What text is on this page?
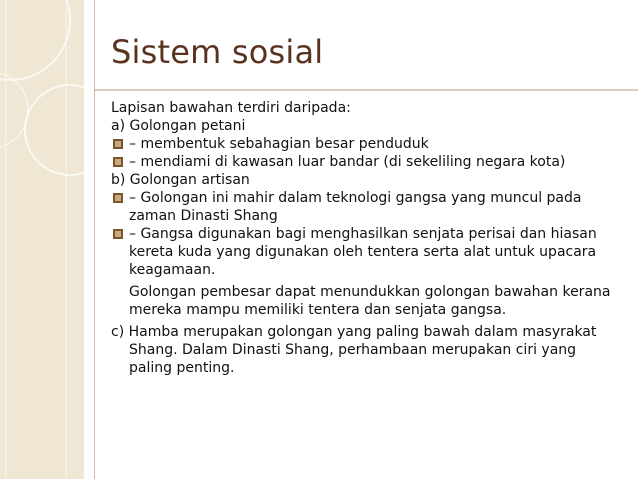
Sistem sosial
Lapisan bawahan terdiri daripada:
a) Golongan petani
– membentuk sebahagian besar penduduk
– mendiami di kawasan luar bandar (di sekeliling negara kota)
b) Golongan artisan
– Golongan ini mahir dalam teknologi gangsa yang muncul pada
zaman Dinasti Shang
– Gangsa digunakan bagi menghasilkan senjata perisai dan hiasan
kereta kuda yang digunakan oleh tentera serta alat untuk upacara
keagamaan.
Golongan pembesar dapat menundukkan golongan bawahan kerana
mereka mampu memiliki tentera dan senjata gangsa.
c) Hamba merupakan golongan yang paling bawah dalam masyrakat
Shang. Dalam Dinasti Shang, perhambaan merupakan ciri yang
paling penting.
